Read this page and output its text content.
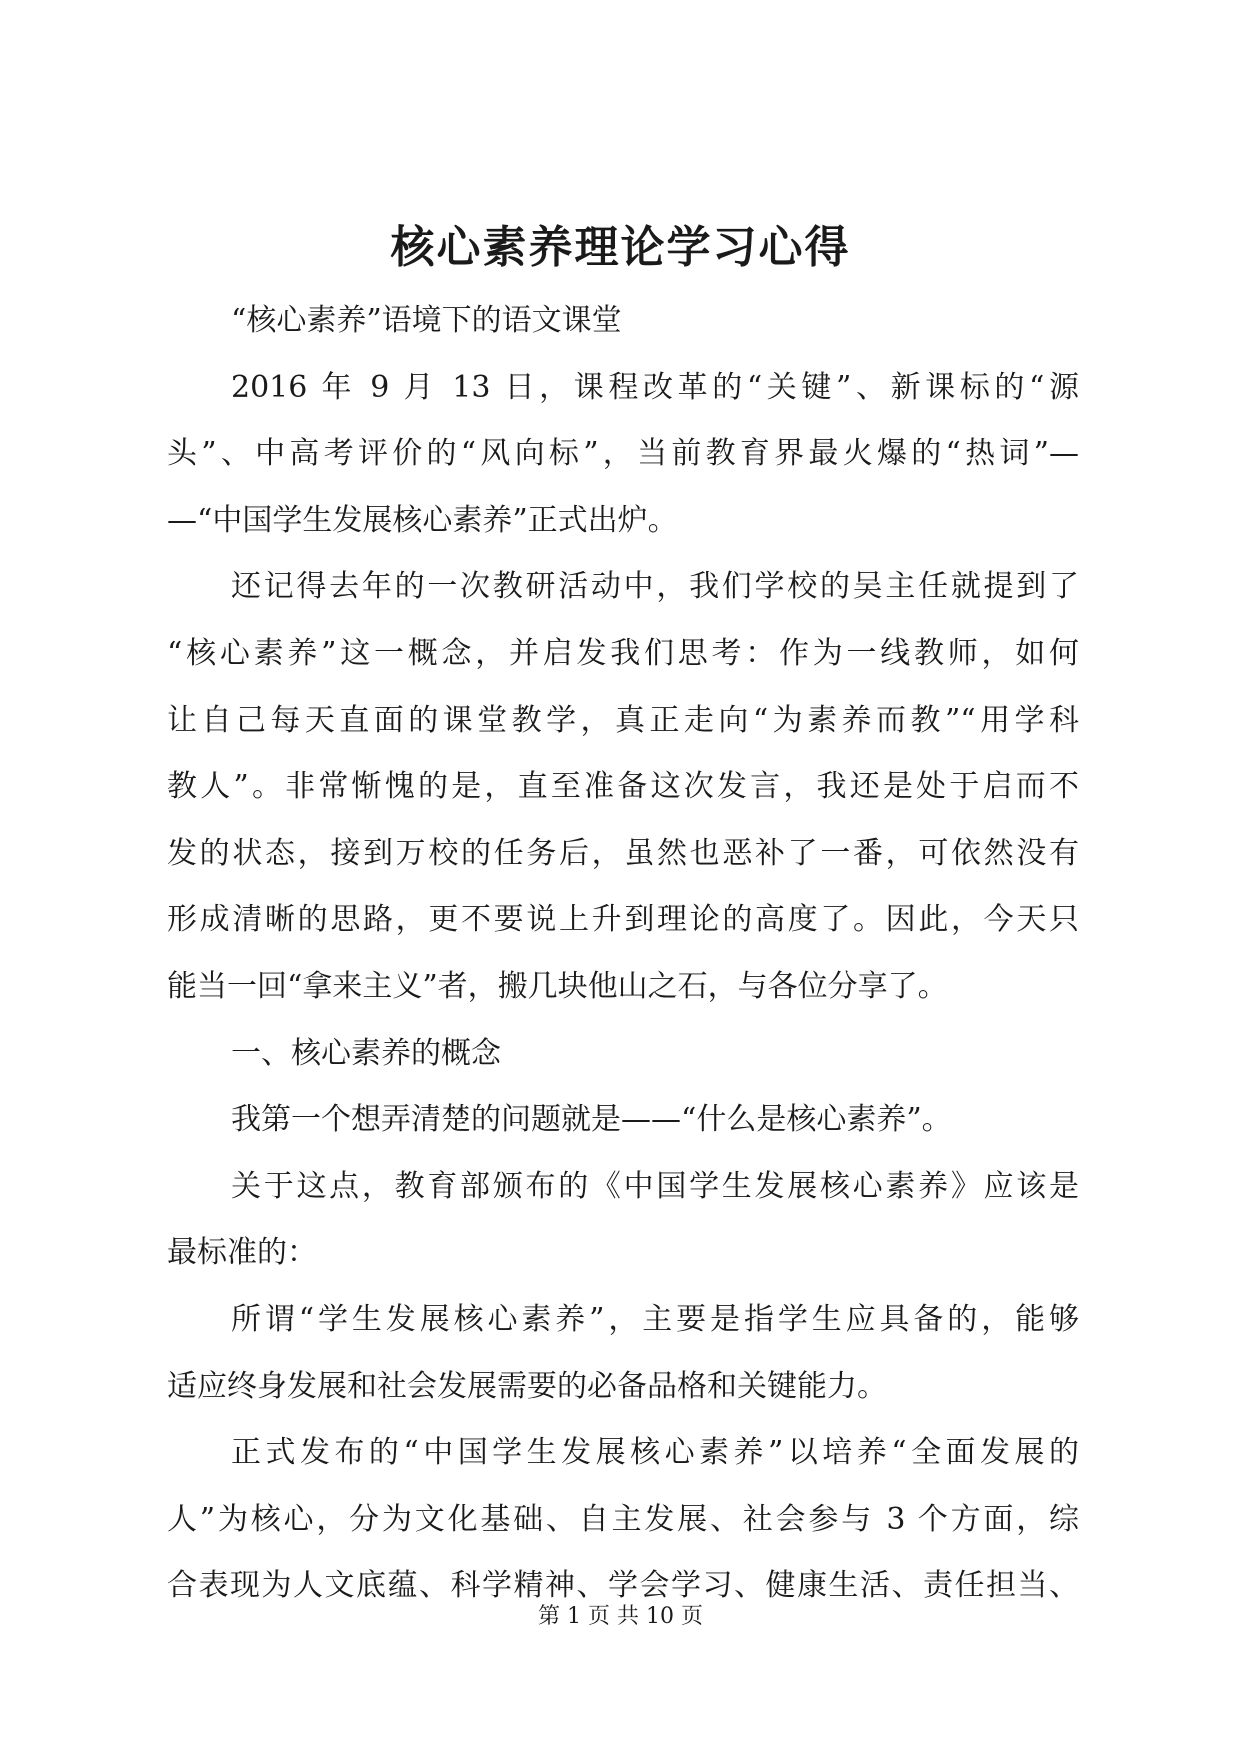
核心素养理论学习心得
“核心素养”语境下的语文课堂
2016 年 9 月 13 日，课程改革的“关键”、新课标的“源
头”、中高考评价的“风向标”，当前教育界最火爆的“热词”—
—“中国学生发展核心素养”正式出炉。
还记得去年的一次教研活动中，我们学校的吴主任就提到了
“核心素养”这一概念，并启发我们思考：作为一线教师，如何
让自己每天直面的课堂教学，真正走向“为素养而教”“用学科
教人”。非常惭愧的是，直至准备这次发言，我还是处于启而不
发的状态，接到万校的任务后，虽然也恶补了一番，可依然没有
形成清晰的思路，更不要说上升到理论的高度了。因此，今天只
能当一回“拿来主义”者，搬几块他山之石，与各位分享了。
一、核心素养的概念
我第一个想弄清楚的问题就是——“什么是核心素养”。
关于这点，教育部颁布的《中国学生发展核心素养》应该是
最标准的：
所谓“学生发展核心素养”，主要是指学生应具备的，能够
适应终身发展和社会发展需要的必备品格和关键能力。
正式发布的“中国学生发展核心素养”以培养“全面发展的
人”为核心，分为文化基础、自主发展、社会参与 3 个方面，综
合表现为人文底蕴、科学精神、学会学习、健康生活、责任担当、
第 1 页 共 10 页
